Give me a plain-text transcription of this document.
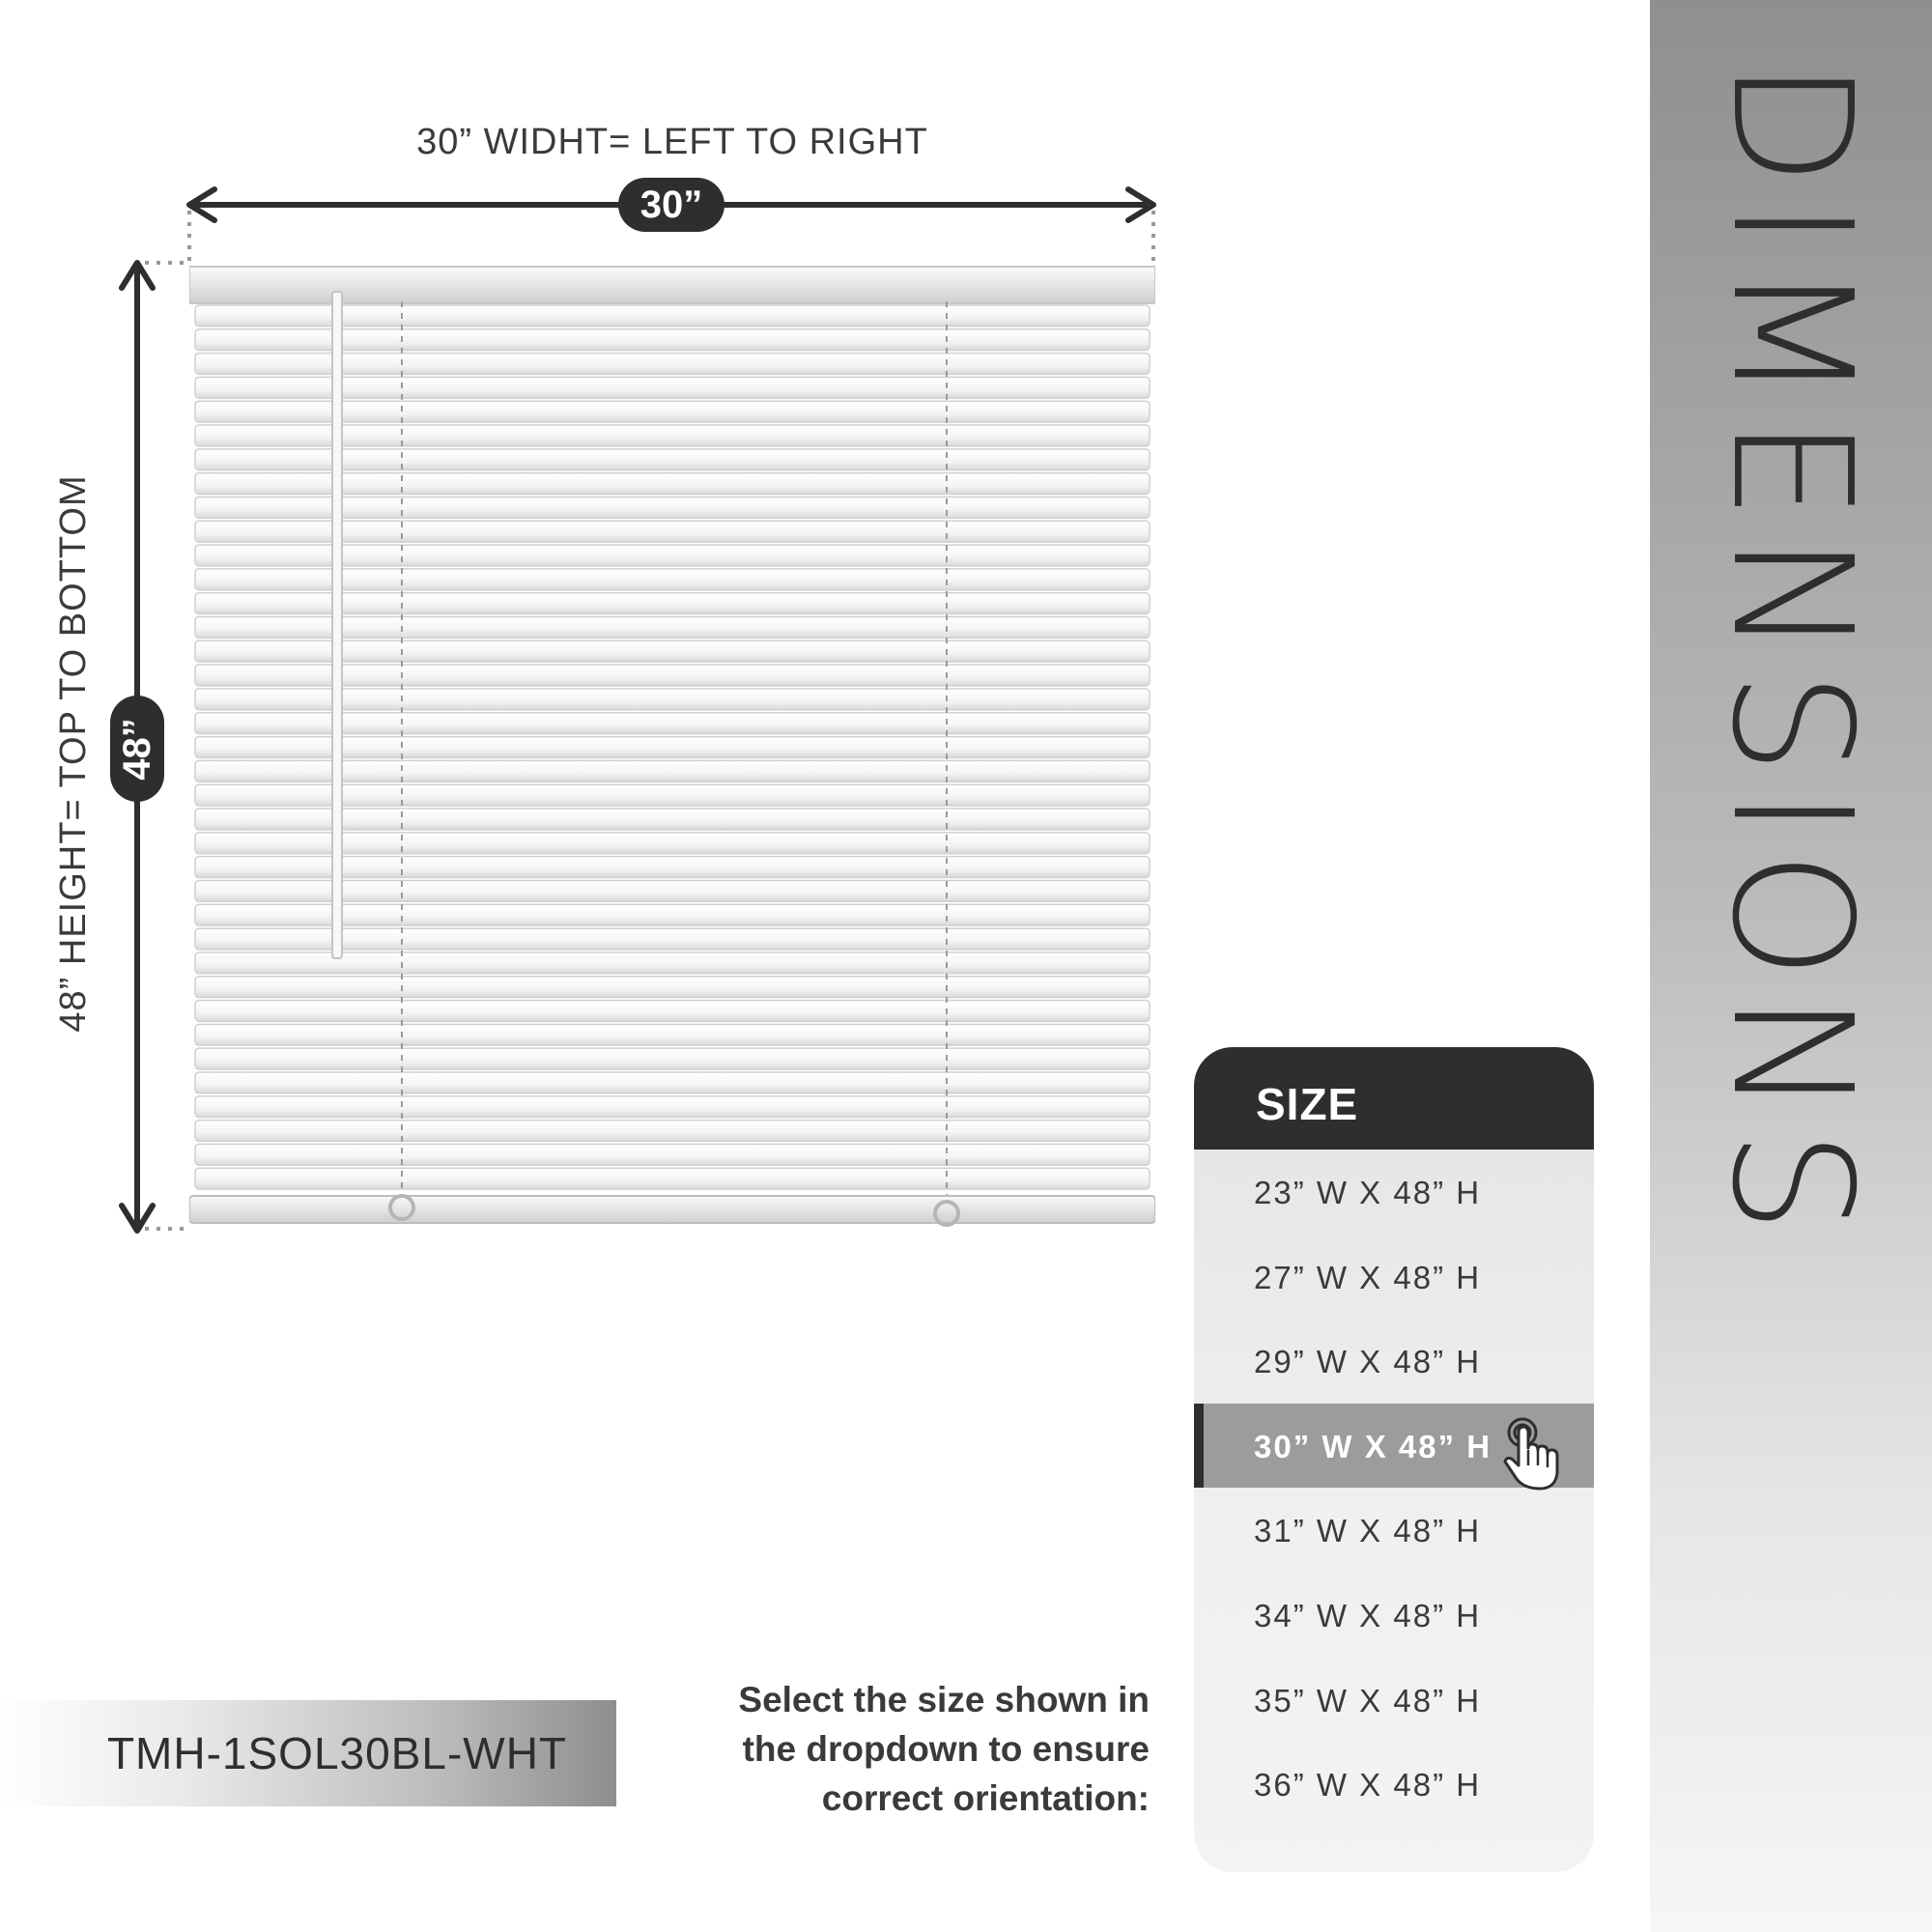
DIMENSIONS
30” WIDHT= LEFT TO RIGHT
30”
48” HEIGHT= TOP TO BOTTOM 48”
SIZE
23” W X 48” H
27” W X 48” H
29” W X 48” H
30” W X 48” H
31” W X 48” H
34” W X 48” H
35” W X 48” H
36” W X 48” H
TMH-1SOL30BL-WHT
Select the size shown in
the dropdown to ensure
correct orientation:
